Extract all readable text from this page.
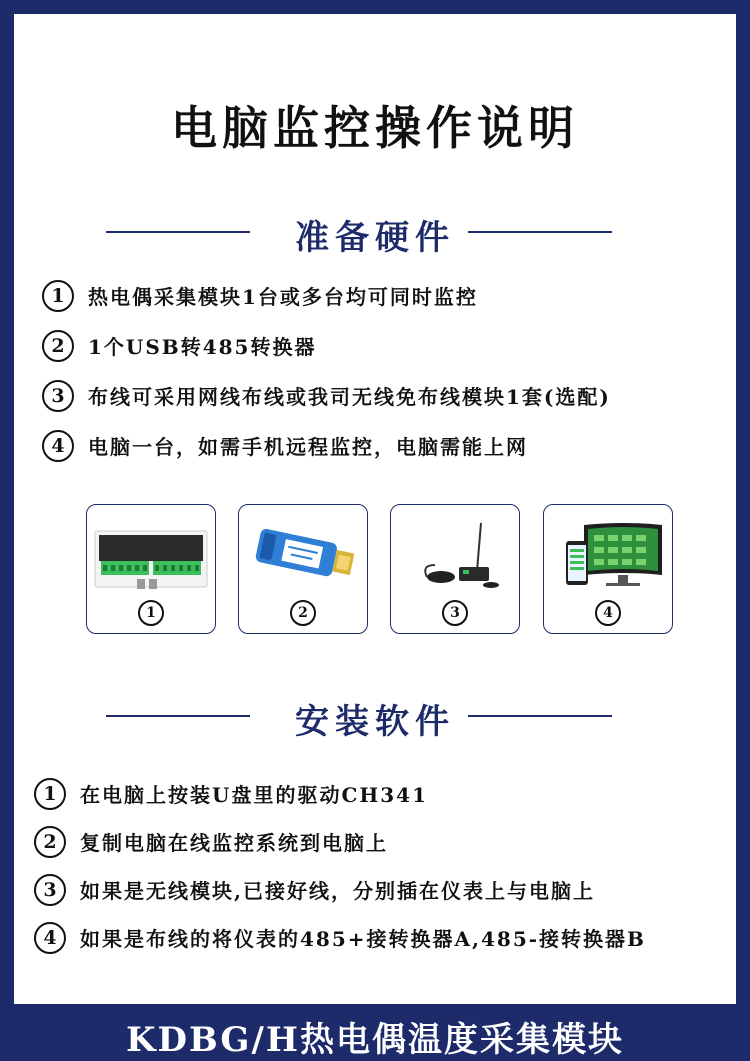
电脑监控操作说明
准备硬件
1	热电偶采集模块1台或多台均可同时监控
2	1个USB转485转换器
3	布线可采用网线布线或我司无线免布线模块1套(选配)
4	电脑一台，如需手机远程监控，电脑需能上网
1	2	3	4
安装软件
1	在电脑上按装U盘里的驱动CH341
2	复制电脑在线监控系统到电脑上
3	如果是无线模块,已接好线，分别插在仪表上与电脑上
4	如果是布线的将仪表的485+接转换器A,485-接转换器B
KDBG/H热电偶温度采集模块
